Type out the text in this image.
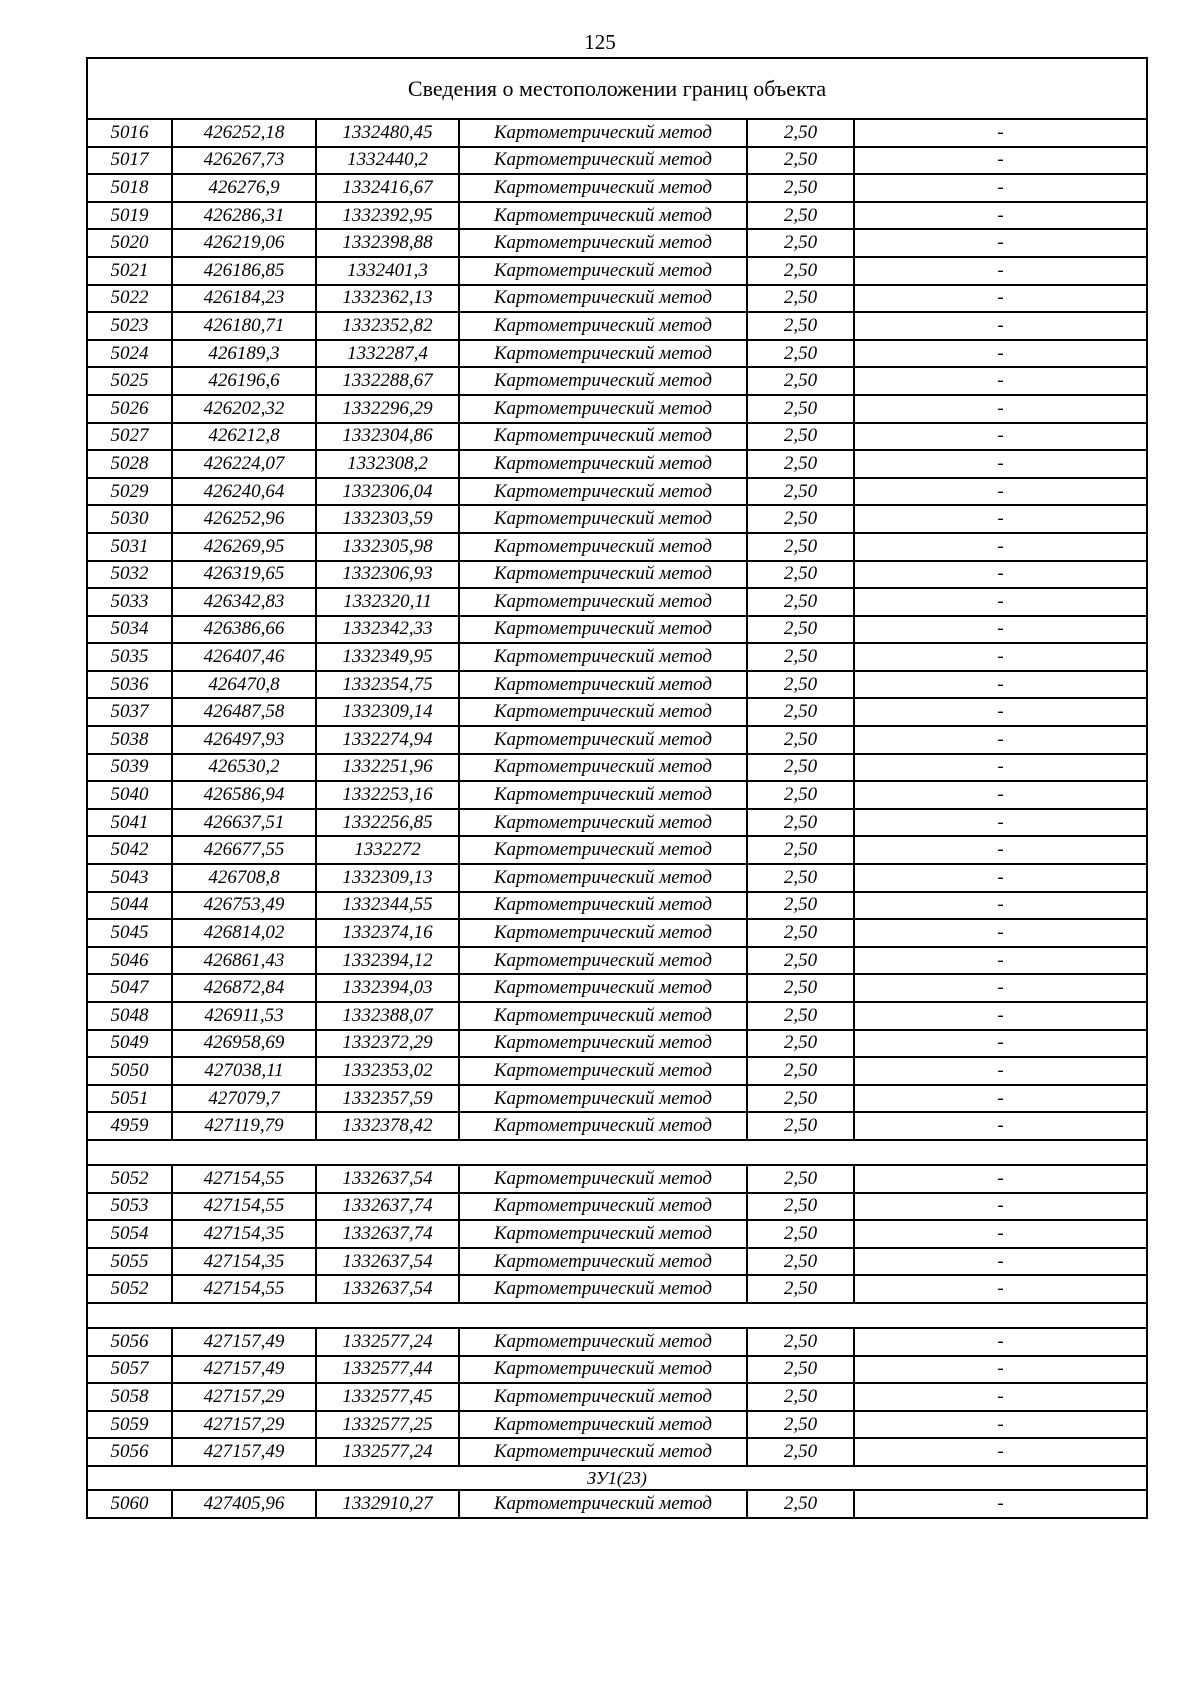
125
Сведения о местоположении границ объекта					
5016	426252,18	1332480,45	Картометрический метод	2,50	-
5017	426267,73	1332440,2	Картометрический метод	2,50	-
5018	426276,9	1332416,67	Картометрический метод	2,50	-
5019	426286,31	1332392,95	Картометрический метод	2,50	-
5020	426219,06	1332398,88	Картометрический метод	2,50	-
5021	426186,85	1332401,3	Картометрический метод	2,50	-
5022	426184,23	1332362,13	Картометрический метод	2,50	-
5023	426180,71	1332352,82	Картометрический метод	2,50	-
5024	426189,3	1332287,4	Картометрический метод	2,50	-
5025	426196,6	1332288,67	Картометрический метод	2,50	-
5026	426202,32	1332296,29	Картометрический метод	2,50	-
5027	426212,8	1332304,86	Картометрический метод	2,50	-
5028	426224,07	1332308,2	Картометрический метод	2,50	-
5029	426240,64	1332306,04	Картометрический метод	2,50	-
5030	426252,96	1332303,59	Картометрический метод	2,50	-
5031	426269,95	1332305,98	Картометрический метод	2,50	-
5032	426319,65	1332306,93	Картометрический метод	2,50	-
5033	426342,83	1332320,11	Картометрический метод	2,50	-
5034	426386,66	1332342,33	Картометрический метод	2,50	-
5035	426407,46	1332349,95	Картометрический метод	2,50	-
5036	426470,8	1332354,75	Картометрический метод	2,50	-
5037	426487,58	1332309,14	Картометрический метод	2,50	-
5038	426497,93	1332274,94	Картометрический метод	2,50	-
5039	426530,2	1332251,96	Картометрический метод	2,50	-
5040	426586,94	1332253,16	Картометрический метод	2,50	-
5041	426637,51	1332256,85	Картометрический метод	2,50	-
5042	426677,55	1332272	Картометрический метод	2,50	-
5043	426708,8	1332309,13	Картометрический метод	2,50	-
5044	426753,49	1332344,55	Картометрический метод	2,50	-
5045	426814,02	1332374,16	Картометрический метод	2,50	-
5046	426861,43	1332394,12	Картометрический метод	2,50	-
5047	426872,84	1332394,03	Картометрический метод	2,50	-
5048	426911,53	1332388,07	Картометрический метод	2,50	-
5049	426958,69	1332372,29	Картометрический метод	2,50	-
5050	427038,11	1332353,02	Картометрический метод	2,50	-
5051	427079,7	1332357,59	Картометрический метод	2,50	-
4959	427119,79	1332378,42	Картометрический метод	2,50	-

5052	427154,55	1332637,54	Картометрический метод	2,50	-
5053	427154,55	1332637,74	Картометрический метод	2,50	-
5054	427154,35	1332637,74	Картометрический метод	2,50	-
5055	427154,35	1332637,54	Картометрический метод	2,50	-
5052	427154,55	1332637,54	Картометрический метод	2,50	-

5056	427157,49	1332577,24	Картометрический метод	2,50	-
5057	427157,49	1332577,44	Картометрический метод	2,50	-
5058	427157,29	1332577,45	Картометрический метод	2,50	-
5059	427157,29	1332577,25	Картометрический метод	2,50	-
5056	427157,49	1332577,24	Картометрический метод	2,50	-
ЗУ1(23)					
5060	427405,96	1332910,27	Картометрический метод	2,50	-
